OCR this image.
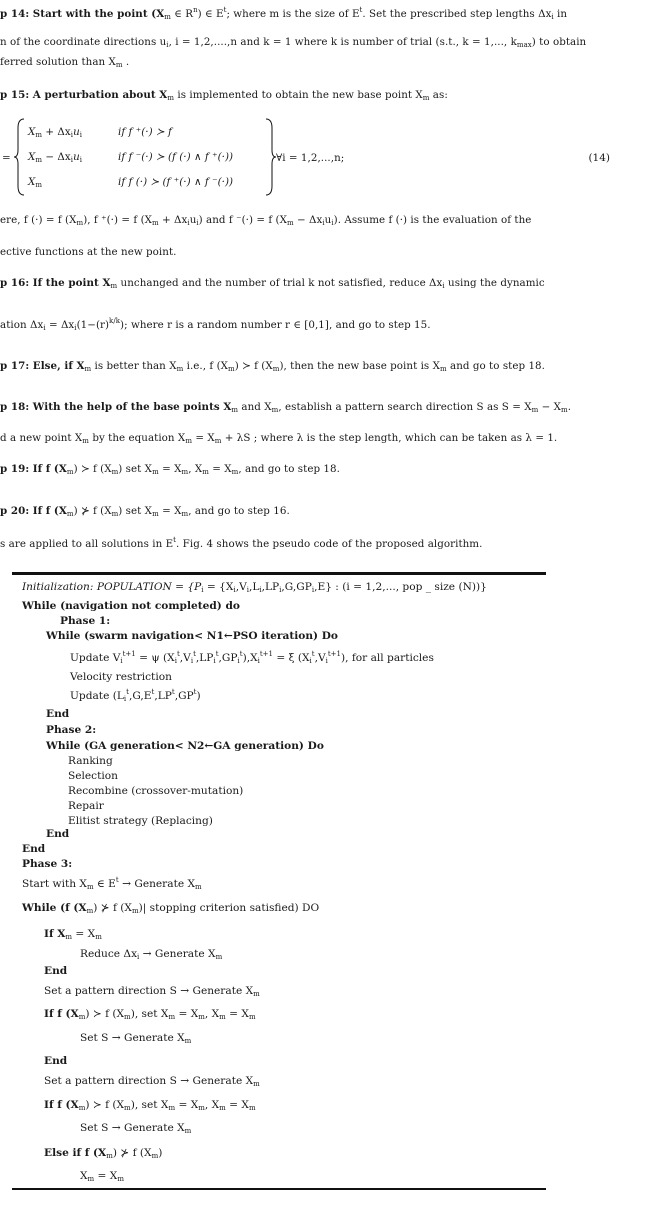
p 14: Start with the point ($X_m$ ∈ $R^n$) ∈ $E^t$; where m is the size of $E^t$. Set the prescribed step lengths $\Delta x_i$ in
n of the coordinate directions $u_i$, i = 1,2,....,n and k = 1 where k is number of trial (s.t., k = 1,..., $k_{max}$) to obtain
ferred solution than $X_m$ .
p 15: A perturbation about $X_m$ is implemented to obtain the new base point $X_m$ as:
=
$X_m + \Delta x_iu_i$	if f ⁺(·) ≻ f
$X_m - \Delta x_iu_i$	if f ⁻(·) ≻ (f (·) ∧ f ⁺(·))
$X_m$	if f (·) ≻ (f ⁺(·) ∧ f ⁻(·))
∀i = 1,2,...,n;	(14)
ere, f (·) = f $(X_m)$, f ⁺(·) = f $(X_m + \Delta x_iu_i)$ and f ⁻(·) = f $(X_m - \Delta x_iu_i)$. Assume f (·) is the evaluation of the
ective functions at the new point.
p 16: If the point $X_m$ unchanged and the number of trial k not satisfied, reduce $\Delta x_i$ using the dynamic
ation $\Delta x_i = \Delta x_i(1-(r)^{k/k})$; where r is a random number r ∈ [0,1], and go to step 15.
p 17: Else, if $X_m$ is better than $X_m$ i.e., f $(X_m)$ ≻ f $(X_m)$, then the new base point is $X_m$ and go to step 18.
p 18: With the help of the base points $X_m$ and $X_m$, establish a pattern search direction S as $S = X_m - X_m$.
d a new point $X_m$ by the equation $X_m = X_m + \lambda S$ ; where λ is the step length, which can be taken as λ = 1.
p 19: If f $(X_m)$ ≻ f $(X_m)$ set $X_m = X_m$, $X_m = X_m$, and go to step 18.
p 20: If f $(X_m)$ ⊁ f $(X_m)$ set $X_m = X_m$, and go to step 16.
s are applied to all solutions in $E^t$. Fig. 4 shows the pseudo code of the proposed algorithm.
Initialization: POPULATION = {$P_i = \{X_i,V_i,L_i,LP_i,G,GP_i,E\}$ : (i = 1,2,..., pop _ size (N))}
While (navigation not completed) do
Phase 1:
While (swarm navigation< N1←PSO iteration) Do
Update $V_i^{t+1} = \psi$ $(X_i^t,V_i^t,LP_i^t,GP_i^t),X_i^{t+1} = \xi$ $(X_i^t,V_i^{t+1})$, for all particles
Velocity restriction
Update $(L_i^t,G,E^t,LP^t,GP^t)$
End
Phase 2:
While (GA generation< N2←GA generation) Do
Ranking
Selection
Recombine (crossover-mutation)
Repair
Elitist strategy (Replacing)
End
End
Phase 3:
Start with $X_m$ ∈ $E^t$ → Generate $X_m$
While (f $(X_m)$ ⊁ f $(X_m)|$ stopping criterion satisfied) DO
If $X_m = X_m$
Reduce $\Delta x_i$ → Generate $X_m$
End
Set a pattern direction S → Generate $X_m$
If f $(X_m)$ ≻ f $(X_m)$, set $X_m = X_m$, $X_m = X_m$
Set S → Generate $X_m$
End
Set a pattern direction S → Generate $X_m$
If f $(X_m)$ ≻ f $(X_m)$, set $X_m = X_m$, $X_m = X_m$
Set S → Generate $X_m$
Else if f $(X_m)$ ⊁ f $(X_m)$
$X_m = X_m$
